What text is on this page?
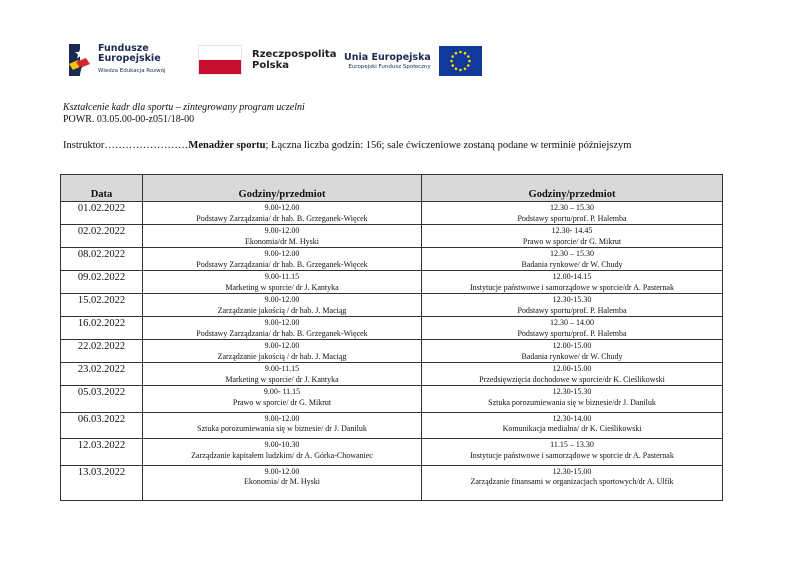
Fundusze
Europejskie
Wiedza Edukacja Rozwój
Rzeczpospolita
Polska
Unia Europejska
Europejski Fundusz Społeczny
Kształcenie kadr dla sportu – zintegrowany program uczelni
POWR. 03.05.00-00-z051/18-00
Instruktor……………………Menadżer sportu; Łączna liczba godzin: 156; sale ćwiczeniowe zostaną podane w terminie późniejszym
Data	Godziny/przedmiot	Godziny/przedmiot

01.02.2022	9.00-12.00
Podstawy Zarządzania/ dr hab. B. Grzeganek-Więcek	12.30 – 15.30
Podstawy sportu/prof. P. Halemba

02.02.2022	9.00-12.00
Ekonomia/dr M. Hyski	12.30- 14.45
Prawo w sporcie/ dr G. Mikrut

08.02.2022	9.00-12.00
Podstawy Zarządzania/ dr hab. B. Grzeganek-Więcek	12.30 – 15.30
Badania rynkowe/ dr W. Chudy

09.02.2022	9.00-11.15
Marketing w sporcie/ dr J. Kantyka	12.00-14.15
Instytucje państwowe i samorządowe w sporcie/dr A. Pasternak

15.02.2022	9.00-12.00
Zarządzanie jakością / dr hab. J. Maciąg	12.30-15.30
Podstawy sportu/prof. P. Halemba

16.02.2022	9.00-12.00
Podstawy Zarządzania/ dr hab. B. Grzeganek-Więcek	12.30 – 14.00
Podstawy sportu/prof. P. Halemba

22.02.2022	9.00-12.00
Zarządzanie jakością / dr hab. J. Maciąg	12.00-15.00
Badania rynkowe/ dr W. Chudy

23.02.2022	9.00-11.15
Marketing w sporcie/ dr J. Kantyka	12.00-15.00
Przedsięwzięcia dochodowe w sporcie/dr K. Cieślikowski

05.03.2022	9.00- 11.15
Prawo w sporcie/ dr G. Mikrut	12.30-15.30
Sztuka porozumiewania się w biznesie/dr J. Daniluk

06.03.2022	9.00-12.00
Sztuka porozumiewania się w biznesie/ dr J. Daniluk	12.30-14.00
Komunikacja medialna/ dr K. Cieślikowski

12.03.2022	9.00-10.30
Zarządzanie kapitałem ludzkim/ dr A. Górka-Chowaniec	11.15 – 13.30
Instytucje państwowe i samorządowe w sporcie dr A. Pasternak

13.03.2022	9.00-12.00
Ekonomia/ dr M. Hyski	12.30-15.00
Zarządzanie finansami w organizacjach sportowych/dr A. Ulfik
